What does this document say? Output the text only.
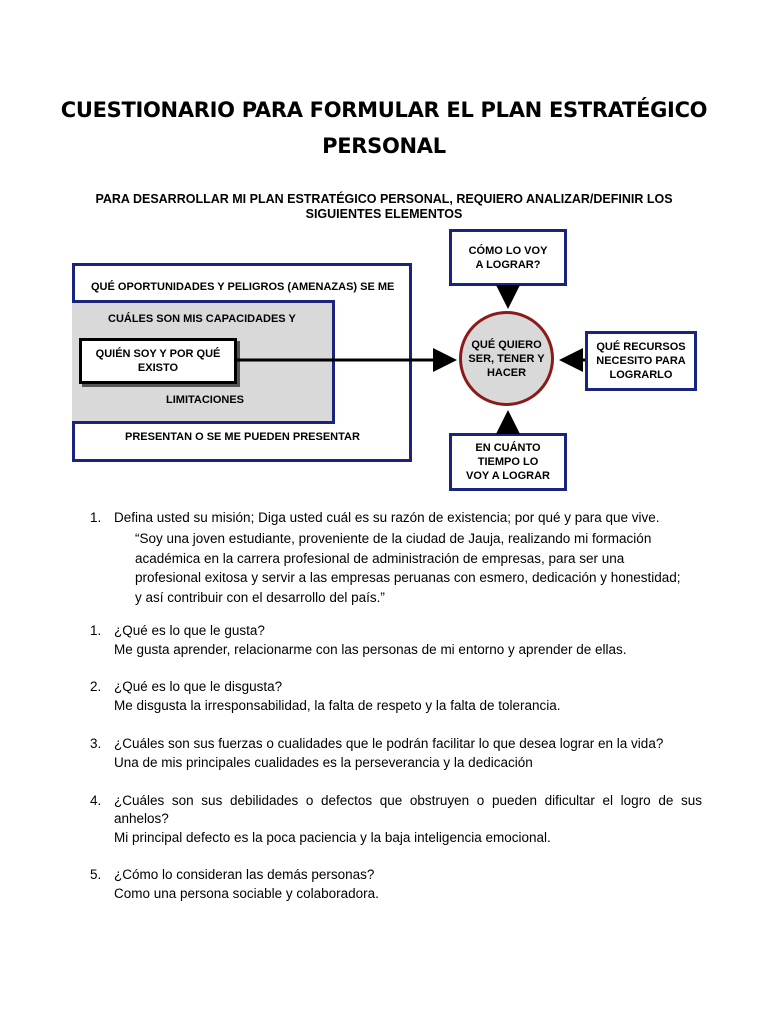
CUESTIONARIO PARA FORMULAR EL PLAN ESTRATÉGICO
PERSONAL
PARA DESARROLLAR MI PLAN ESTRATÉGICO PERSONAL, REQUIERO ANALIZAR/DEFINIR LOS
SIGUIENTES ELEMENTOS
QUÉ OPORTUNIDADES Y PELIGROS (AMENAZAS) SE ME
PRESENTAN O SE ME PUEDEN PRESENTAR
CUÁLES SON MIS CAPACIDADES Y
LIMITACIONES
QUIÉN SOY Y POR QUÉ
EXISTO
QUÉ QUIERO
SER, TENER Y
HACER
CÓMO LO VOY
A LOGRAR?
QUÉ RECURSOS
NECESITO PARA
LOGRARLO
EN CUÁNTO
TIEMPO LO
VOY A LOGRAR
1. Defina usted su misión; Diga usted cuál es su razón de existencia; por qué y para que vive.
“Soy una joven estudiante, proveniente de la ciudad de Jauja, realizando mi formación
académica en la carrera profesional de administración de empresas, para ser una
profesional exitosa y servir a las empresas peruanas con esmero, dedicación y honestidad;
y así contribuir con el desarrollo del país.”
1. ¿Qué es lo que le gusta?
Me gusta aprender, relacionarme con las personas de mi entorno y aprender de ellas.
2. ¿Qué es lo que le disgusta?
Me disgusta la irresponsabilidad, la falta de respeto y la falta de tolerancia.
3. ¿Cuáles son sus fuerzas o cualidades que le podrán facilitar lo que desea lograr en la vida?
Una de mis principales cualidades es la perseverancia y la dedicación
4. ¿Cuáles son sus debilidades o defectos que obstruyen o pueden dificultar el logro de sus
anhelos?
Mi principal defecto es la poca paciencia y la baja inteligencia emocional.
5. ¿Cómo lo consideran las demás personas?
Como una persona sociable y colaboradora.
